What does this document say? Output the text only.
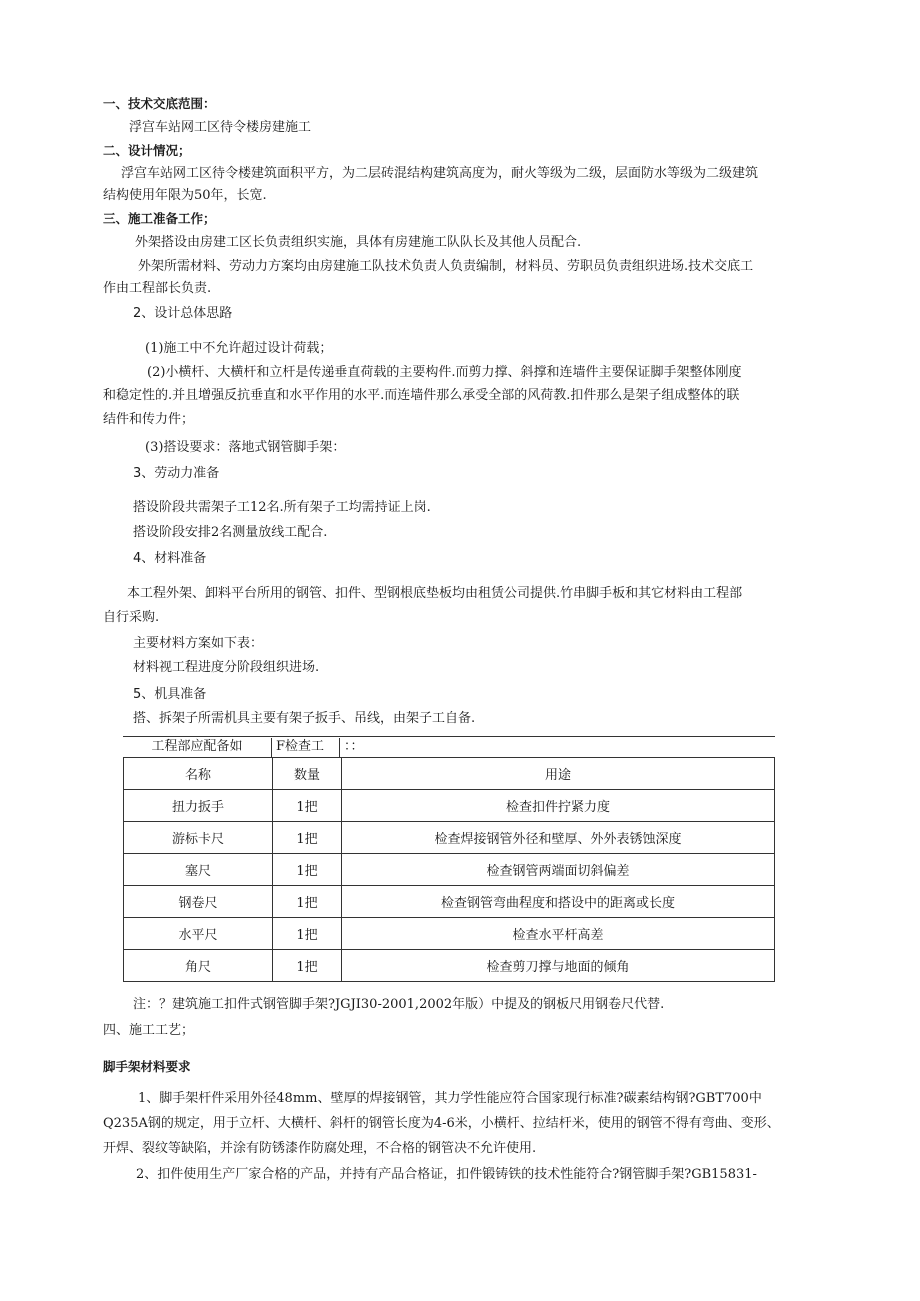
一、技术交底范围：
浮宫车站网工区待令楼房建施工
二、设计情况；
浮宫车站网工区待令楼建筑面积平方，为二层砖混结构建筑高度为，耐火等级为二级，层面防水等级为二级建筑
结构使用年限为50年，长宽.
三、施工准备工作；
外架搭设由房建工区长负责组织实施，具体有房建施工队队长及其他人员配合.
外架所需材料、劳动力方案均由房建施工队技术负责人负责编制，材料员、劳职员负责组织进场.技术交底工
作由工程部长负责.
2、设计总体思路
(1)施工中不允许超过设计荷载；
(2)小横杆、大横杆和立杆是传递垂直荷载的主要构件.而剪力撑、斜撑和连墙件主要保证脚手架整体刚度
和稳定性的.并且增强反抗垂直和水平作用的水平.而连墙件那么承受全部的风荷教.扣件那么是架子组成整体的联
结件和传力件；
(3)搭设要求：落地式钢管脚手架：
3、劳动力准备
搭设阶段共需架子工12名.所有架子工均需持证上岗.
搭设阶段安排2名测量放线工配合.
4、材料准备
本工程外架、卸料平台所用的钢管、扣件、型钢根底垫板均由租赁公司提供.竹串脚手板和其它材料由工程部
自行采购.
主要材料方案如下表：
材料视工程进度分阶段组织进场.
5、机具准备
搭、拆架子所需机具主要有架子扳手、吊线，由架子工自备.
工程部应配备如	F检查工 ：：
名称	数量	用途
扭力扳手	1把	检查扣件拧紧力度
游标卡尺	1把	检查焊接钢管外径和壁厚、外外表锈蚀深度
塞尺	1把	检查钢管两端面切斜偏差
钢卷尺	1把	检查钢管弯曲程度和搭设中的距离或长度
水平尺	1把	检查水平杆高差
角尺	1把	检查剪刀撑与地面的倾角
注：？建筑施工扣件式钢管脚手架?JGJI30-2001,2002年版）中提及的钢板尺用钢卷尺代替.
四、施工工艺；
脚手架材料要求
1、脚手架杆件采用外径48mm、壁厚的焊接钢管，其力学性能应符合国家现行标准?碳素结构钢?GBT700中
Q235A钢的规定，用于立杆、大横杆、斜杆的钢管长度为4-6米，小横杆、拉结杆米，使用的钢管不得有弯曲、变形、
开焊、裂纹等缺陷，并涂有防锈漆作防腐处理，不合格的钢管决不允许使用.
2、扣件使用生产厂家合格的产品，并持有产品合格证，扣件锻铸铁的技术性能符合?钢管脚手架?GB15831-
